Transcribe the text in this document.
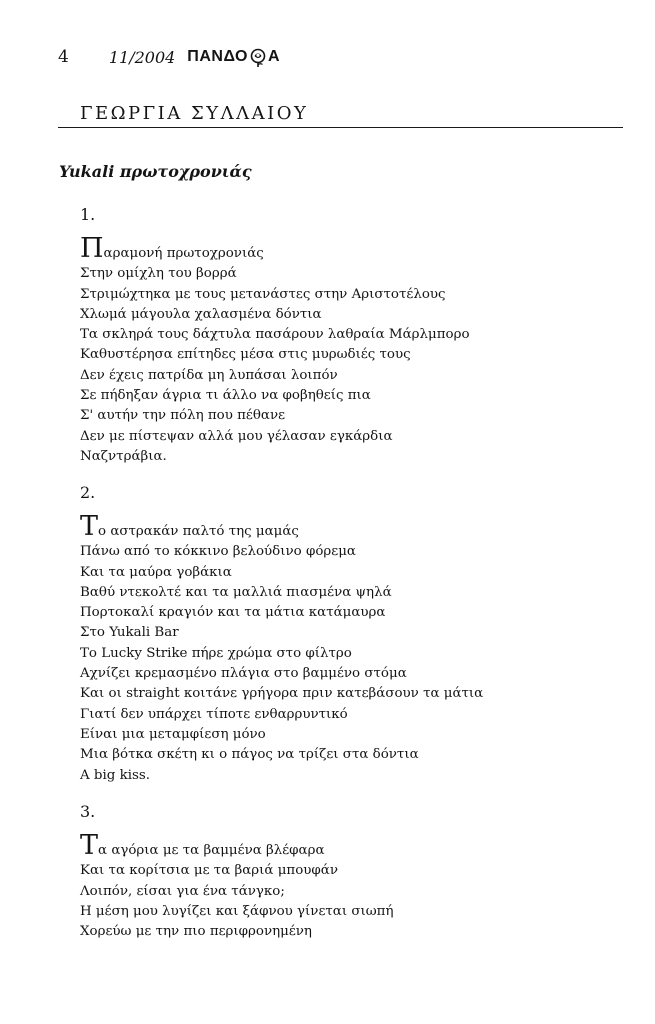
4	11/2004 ΠΑΝΔΟ Α
ΓΕΩΡΓΙΑ ΣΥΛΛΑΙΟΥ
Yukali πρωτοχρονιάς
1.
Παραμονή πρωτοχρονιάς
Στην ομίχλη του βορρά
Στριμώχτηκα με τους μετανάστες στην Αριστοτέλους
Χλωμά μάγουλα χαλασμένα δόντια
Τα σκληρά τους δάχτυλα πασάρουν λαθραία Μάρλμπορο
Καθυστέρησα επίτηδες μέσα στις μυρωδιές τους
Δεν έχεις πατρίδα μη λυπάσαι λοιπόν
Σε πήδηξαν άγρια τι άλλο να φοβηθείς πια
Σ' αυτήν την πόλη που πέθανε
Δεν με πίστεψαν αλλά μου γέλασαν εγκάρδια
Ναζντράβια.
2.
Το αστρακάν παλτό της μαμάς
Πάνω από το κόκκινο βελούδινο φόρεμα
Και τα μαύρα γοβάκια
Βαθύ ντεκολτέ και τα μαλλιά πιασμένα ψηλά
Πορτοκαλί κραγιόν και τα μάτια κατάμαυρα
Στο Yukali Bar
Το Lucky Strike πήρε χρώμα στο φίλτρο
Αχνίζει κρεμασμένο πλάγια στο βαμμένο στόμα
Και οι straight κοιτάνε γρήγορα πριν κατεβάσουν τα μάτια
Γιατί δεν υπάρχει τίποτε ενθαρρυντικό
Είναι μια μεταμφίεση μόνο
Μια βότκα σκέτη κι ο πάγος να τρίζει στα δόντια
A big kiss.
3.
Τα αγόρια με τα βαμμένα βλέφαρα
Και τα κορίτσια με τα βαριά μπουφάν
Λοιπόν, είσαι για ένα τάνγκο;
Η μέση μου λυγίζει και ξάφνου γίνεται σιωπή
Χορεύω με την πιο περιφρονημένη
